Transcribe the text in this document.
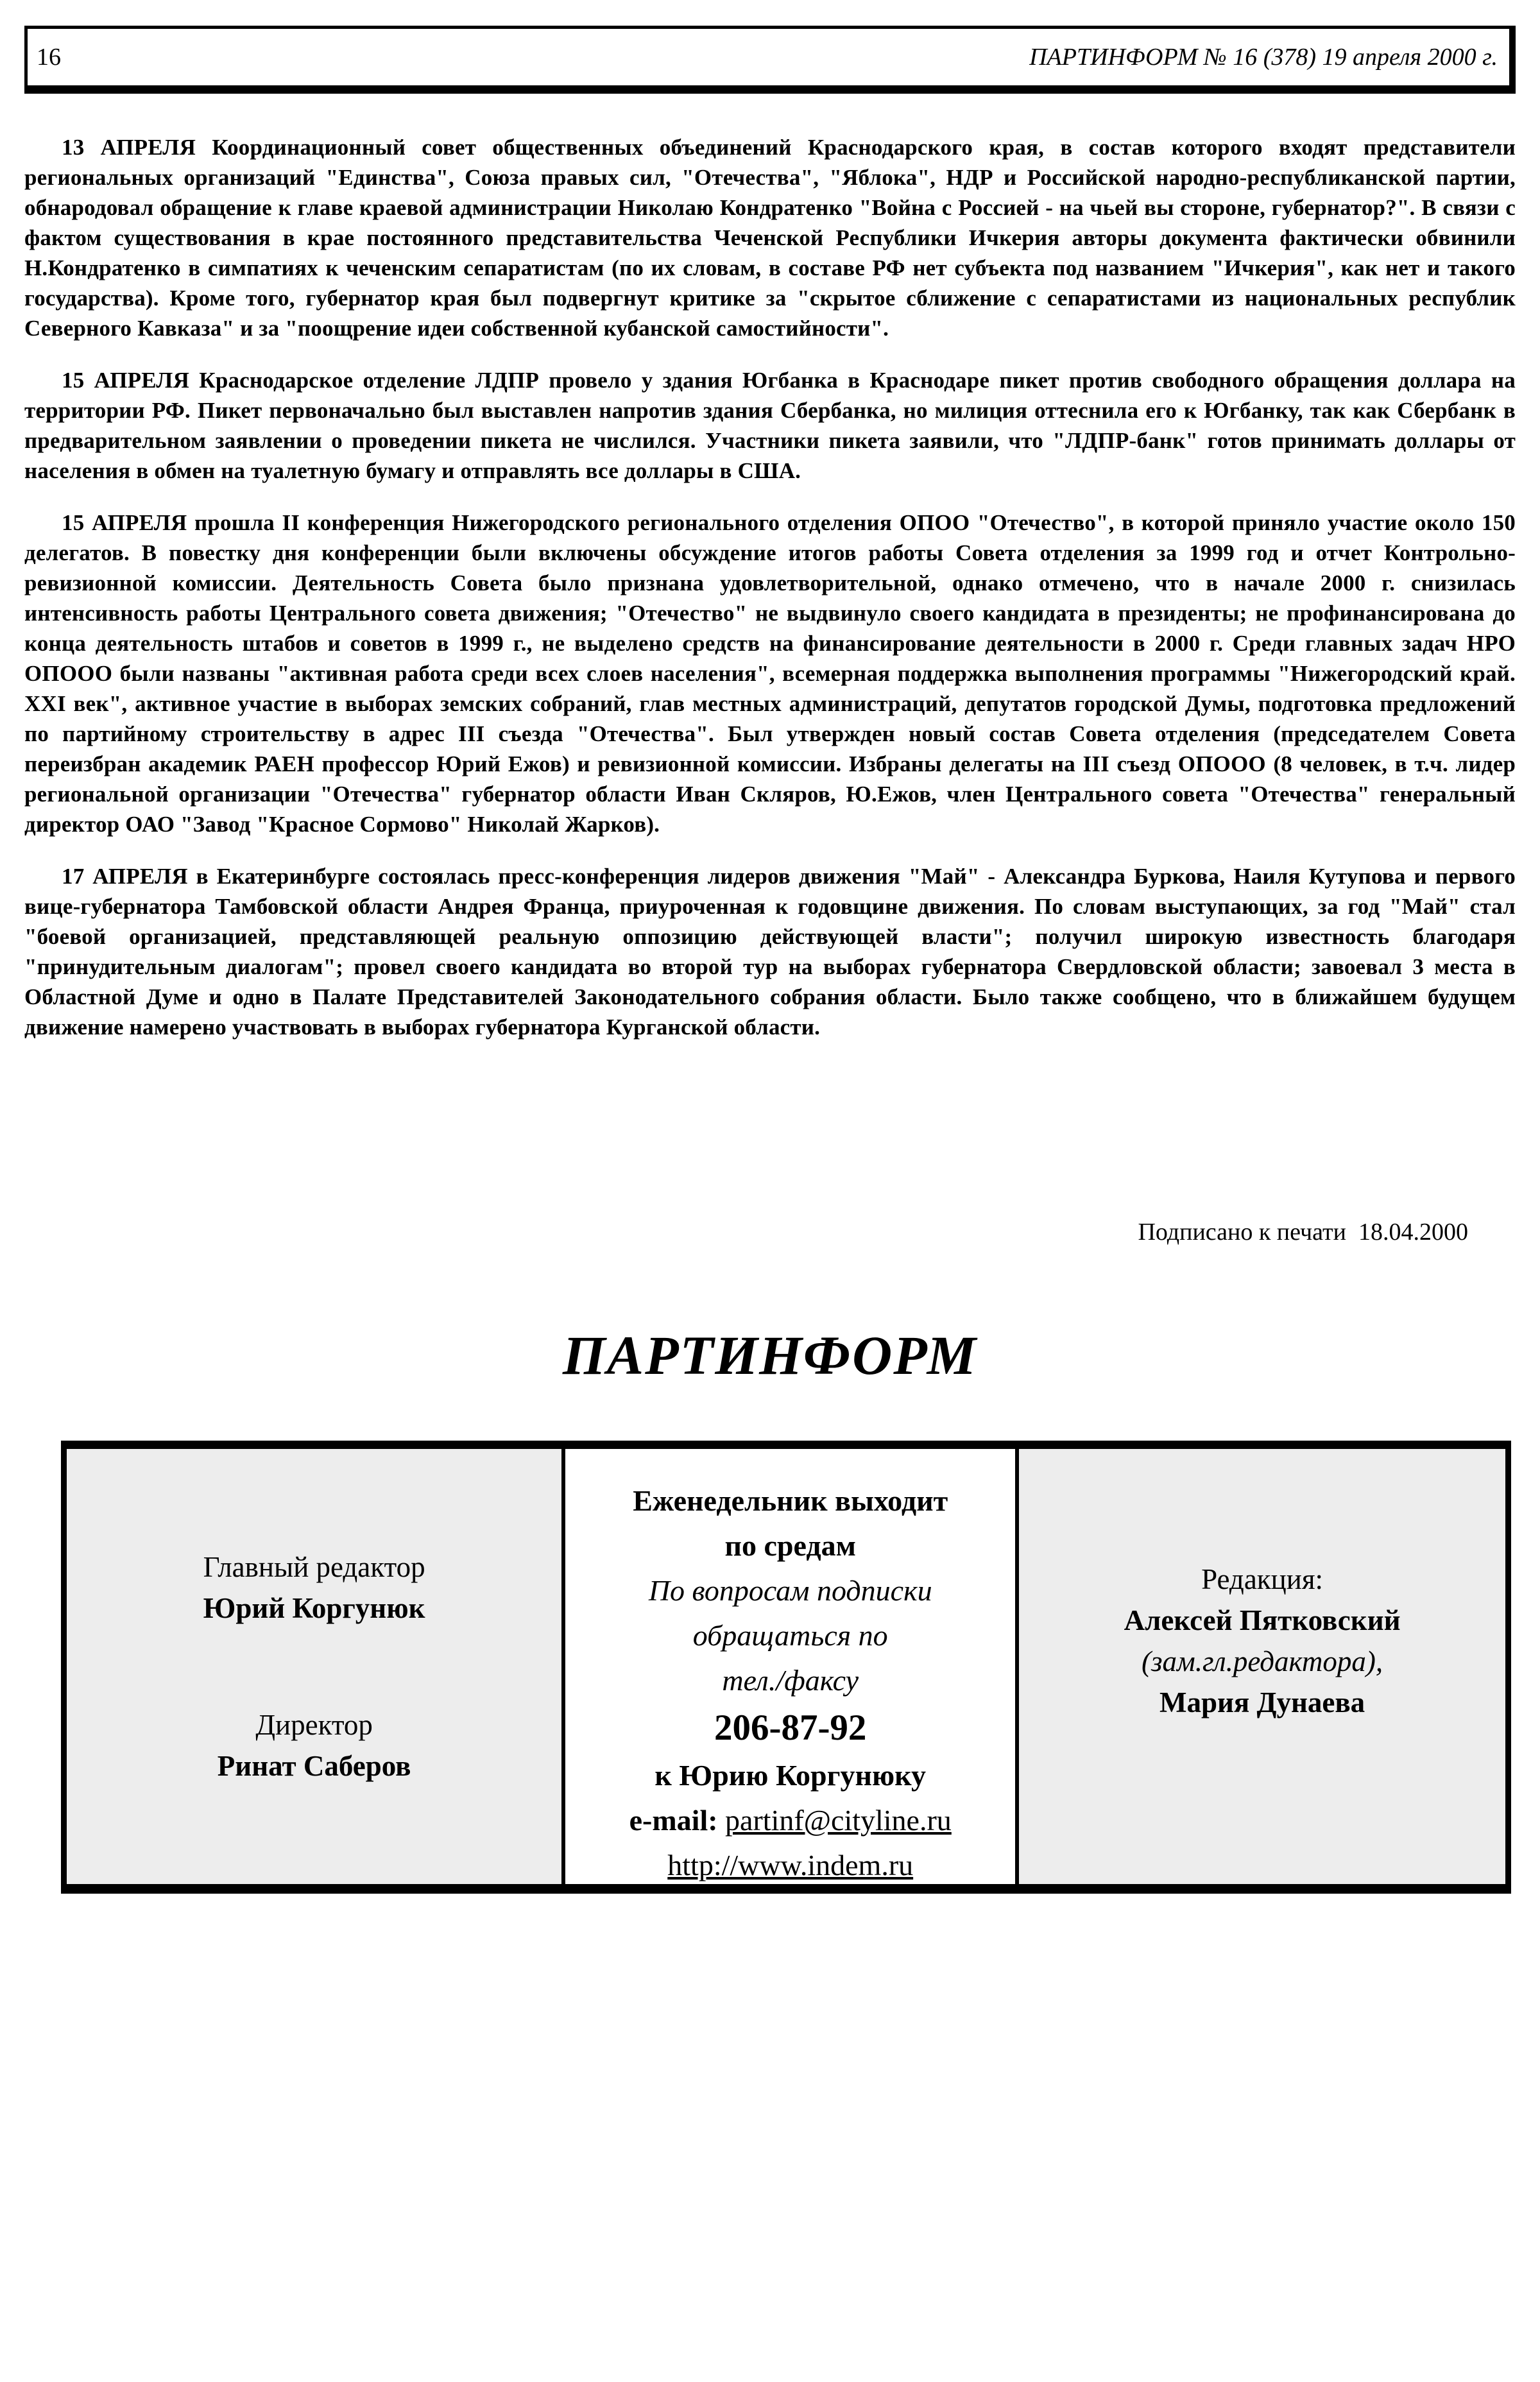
16	ПАРТИНФОРМ № 16 (378) 19 апреля 2000 г.

13 АПРЕЛЯ Координационный совет общественных объединений Краснодарского края, в состав которого входят представители региональных организаций "Единства", Союза правых сил, "Отечества", "Яблока", НДР и Российской народно-республиканской партии, обнародовал обращение к главе краевой администрации Николаю Кондратенко "Война с Россией - на чьей вы стороне, губернатор?". В связи с фактом существования в крае постоянного представительства Чеченской Республики Ичкерия авторы документа фактически обвинили Н.Кондратенко в симпатиях к чеченским сепаратистам (по их словам, в составе РФ нет субъекта под названием "Ичкерия", как нет и такого государства). Кроме того, губернатор края был подвергнут критике за "скрытое сближение с сепаратистами из национальных республик Северного Кавказа" и за "поощрение идеи собственной кубанской самостийности".

15 АПРЕЛЯ Краснодарское отделение ЛДПР провело у здания Югбанка в Краснодаре пикет против свободного обращения доллара на территории РФ. Пикет первоначально был выставлен напротив здания Сбербанка, но милиция оттеснила его к Югбанку, так как Сбербанк в предварительном заявлении о проведении пикета не числился. Участники пикета заявили, что "ЛДПР-банк" готов принимать доллары от населения в обмен на туалетную бумагу и отправлять все доллары в США.

15 АПРЕЛЯ прошла II конференция Нижегородского регионального отделения ОПОО "Отечество", в которой приняло участие около 150 делегатов. В повестку дня конференции были включены обсуждение итогов работы Совета отделения за 1999 год и отчет Контрольно-ревизионной комиссии. Деятельность Совета было признана удовлетворительной, однако отмечено, что в начале 2000 г. снизилась интенсивность работы Центрального совета движения; "Отечество" не выдвинуло своего кандидата в президенты; не профинансирована до конца деятельность штабов и советов в 1999 г., не выделено средств на финансирование деятельности в 2000 г. Среди главных задач НРО ОПООО были названы "активная работа среди всех слоев населения", всемерная поддержка выполнения программы "Нижегородский край. XXI век", активное участие в выборах земских собраний, глав местных администраций, депутатов городской Думы, подготовка предложений по партийному строительству в адрес III съезда "Отечества". Был утвержден новый состав Совета отделения (председателем Совета переизбран академик РАЕН профессор Юрий Ежов) и ревизионной комиссии. Избраны делегаты на III съезд ОПООО (8 человек, в т.ч. лидер региональной организации "Отечества" губернатор области Иван Скляров, Ю.Ежов, член Центрального совета "Отечества" генеральный директор ОАО "Завод "Красное Сормово" Николай Жарков).

17 АПРЕЛЯ в Екатеринбурге состоялась пресс-конференция лидеров движения "Май" - Александра Буркова, Наиля Кутупова и первого вице-губернатора Тамбовской области Андрея Франца, приуроченная к годовщине движения. По словам выступающих, за год "Май" стал "боевой организацией, представляющей реальную оппозицию действующей власти"; получил широкую известность благодаря "принудительным диалогам"; провел своего кандидата во второй тур на выборах губернатора Свердловской области; завоевал 3 места в Областной Думе и одно в Палате Представителей Законодательного собрания области. Было также сообщено, что в ближайшем будущем движение намерено участвовать в выборах губернатора Курганской области.

Подписано к печати  18.04.2000
ПАРТИНФОРМ
Главный редактор
Юрий Коргунюк
Директор
Ринат Саберов
Еженедельник выходит
по средам
По вопросам подписки
обращаться по
тел./факсу
206-87-92
к Юрию Коргунюку
e-mail: partinf@cityline.ru
http://www.indem.ru
Редакция:
Алексей Пятковский
(зам.гл.редактора),
Мария Дунаева
